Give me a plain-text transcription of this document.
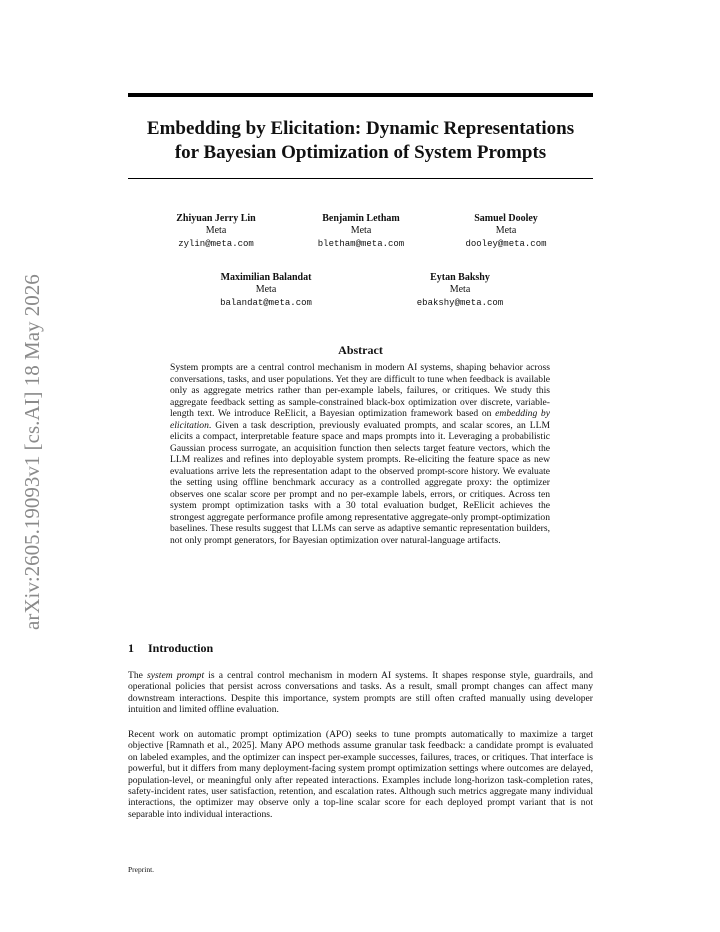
arXiv:2605.19093v1 [cs.AI] 18 May 2026
Embedding by Elicitation: Dynamic Representations
for Bayesian Optimization of System Prompts
Zhiyuan Jerry Lin
Meta
zylin@meta.com
Benjamin Letham
Meta
bletham@meta.com
Samuel Dooley
Meta
dooley@meta.com
Maximilian Balandat
Meta
balandat@meta.com
Eytan Bakshy
Meta
ebakshy@meta.com
Abstract
System prompts are a central control mechanism in modern AI systems, shaping behavior across conversations, tasks, and user populations. Yet they are difficult to tune when feedback is available only as aggregate metrics rather than per-example labels, failures, or critiques. We study this aggregate feedback setting as sample-constrained black-box optimization over discrete, variable-length text. We introduce ReElicit, a Bayesian optimization framework based on embedding by elicitation. Given a task description, previously evaluated prompts, and scalar scores, an LLM elicits a compact, interpretable feature space and maps prompts into it. Leveraging a probabilistic Gaussian process surrogate, an acquisition function then selects target feature vectors, which the LLM realizes and refines into deployable system prompts. Re-eliciting the feature space as new evaluations arrive lets the representation adapt to the observed prompt-score history. We evaluate the setting using offline benchmark accuracy as a controlled aggregate proxy: the optimizer observes one scalar score per prompt and no per-example labels, errors, or critiques. Across ten system prompt optimization tasks with a 30 total evaluation budget, ReElicit achieves the strongest aggregate performance profile among representative aggregate-only prompt-optimization baselines. These results suggest that LLMs can serve as adaptive semantic representation builders, not only prompt generators, for Bayesian optimization over natural-language artifacts.
1 Introduction
The system prompt is a central control mechanism in modern AI systems. It shapes response style, guardrails, and operational policies that persist across conversations and tasks. As a result, small prompt changes can affect many downstream interactions. Despite this importance, system prompts are still often crafted manually using developer intuition and limited offline evaluation.
Recent work on automatic prompt optimization (APO) seeks to tune prompts automatically to maximize a target objective [Ramnath et al., 2025]. Many APO methods assume granular task feedback: a candidate prompt is evaluated on labeled examples, and the optimizer can inspect per-example successes, failures, traces, or critiques. That interface is powerful, but it differs from many deployment-facing system prompt optimization settings where outcomes are delayed, population-level, or meaningful only after repeated interactions. Examples include long-horizon task-completion rates, safety-incident rates, user satisfaction, retention, and escalation rates. Although such metrics aggregate many individual interactions, the optimizer may observe only a top-line scalar score for each deployed prompt variant that is not separable into individual interactions.
Preprint.
